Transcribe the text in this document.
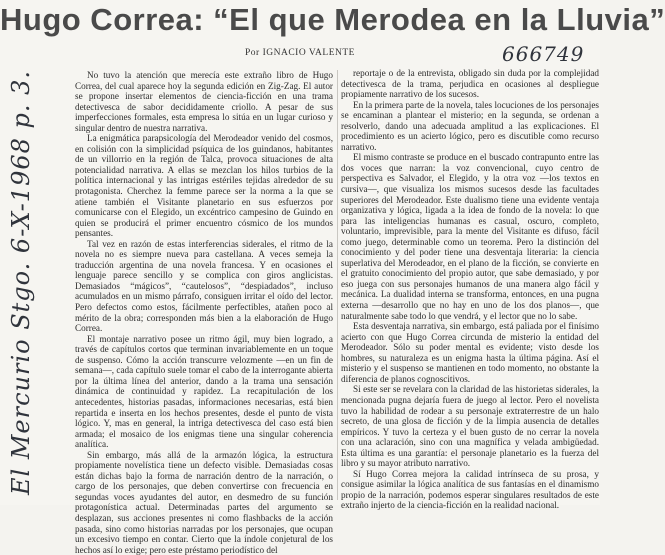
Hugo Correa: “El que Merodea en la Lluvia”
Por IGNACIO VALENTE

No tuvo la atención que merecía este extraño libro de Hugo Correa, del cual aparece hoy la segunda edición en Zig-Zag. El autor se propone insertar elementos de ciencia-ficción en una trama detectivesca de sabor decididamente criollo. A pesar de sus imperfecciones formales, esta empresa lo sitúa en un lugar curioso y singular dentro de nuestra narrativa.

La enigmática parapsicología del Merodeador venido del cosmos, en colisión con la simplicidad psíquica de los guindanos, habitantes de un villorrio en la región de Talca, provoca situaciones de alta potencialidad narrativa. A ellas se mezclan los hilos turbios de la política internacional y las intrigas estériles tejidas alrededor de su protagonista. Cherchez la femme parece ser la norma a la que se atiene también el Visitante planetario en sus esfuerzos por comunicarse con el Elegido, un excéntrico campesino de Guindo en quien se producirá el primer encuentro cósmico de los mundos pensantes.

Tal vez en razón de estas interferencias siderales, el ritmo de la novela no es siempre nueva para castellana. A veces semeja la traducción argentina de una novela francesa. Y en ocasiones el lenguaje parece sencillo y se complica con giros anglicistas. Demasiados “mágicos”, “cautelosos”, “despiadados”, incluso acumulados en un mismo párrafo, consiguen irritar el oído del lector. Pero defectos como estos, fácilmente perfectibles, atañen poco al mérito de la obra; corresponden más bien a la elaboración de Hugo Correa.

El montaje narrativo posee un ritmo ágil, muy bien logrado, a través de capítulos cortos que terminan invariablemente en un toque de suspenso. Cómo la acción transcurre velozmente —en un fin de semana—, cada capítulo suele tomar el cabo de la interrogante abierta por la última línea del anterior, dando a la trama una sensación dinámica de continuidad y rapidez. La recapitulación de los antecedentes, historias pasadas, informaciones necesarias, está bien repartida e inserta en los hechos presentes, desde el punto de vista lógico. Y, mas en general, la intriga detectivesca del caso está bien armada; el mosaico de los enigmas tiene una singular coherencia analítica.

Sin embargo, más allá de la armazón lógica, la estructura propiamente novelística tiene un defecto visible. Demasiadas cosas están dichas bajo la forma de narración dentro de la narración, o cargo de los personajes, que deben convertirse con frecuencia en segundas voces ayudantes del autor, en desmedro de su función protagonística actual. Determinadas partes del argumento se desplazan, sus acciones presentes ni como flashbacks de la acción pasada, sino como historias narradas por los personajes, que ocupan un excesivo tiempo en contar. Cierto que la índole conjetural de los hechos así lo exige; pero este préstamo periodístico del

reportaje o de la entrevista, obligado sin duda por la complejidad detectivesca de la trama, perjudica en ocasiones al despliegue propiamente narrativo de los sucesos.

En la primera parte de la novela, tales locuciones de los personajes se encaminan a plantear el misterio; en la segunda, se ordenan a resolverlo, dando una adecuada amplitud a las explicaciones. El procedimiento es un acierto lógico, pero es discutible como recurso narrativo.

El mismo contraste se produce en el buscado contrapunto entre las dos voces que narran: la voz convencional, cuyo centro de perspectiva es Salvador, el Elegido, y la otra voz —los textos en cursiva—, que visualiza los mismos sucesos desde las facultades superiores del Merodeador. Este dualismo tiene una evidente ventaja organizativa y lógica, ligada a la idea de fondo de la novela: lo que para las inteligencias humanas es casual, oscuro, completo, voluntario, imprevisible, para la mente del Visitante es difuso, fácil como juego, determinable como un teorema. Pero la distinción del conocimiento y del poder tiene una desventaja literaria: la ciencia superlativa del Merodeador, en el plano de la ficción, se convierte en el gratuito conocimiento del propio autor, que sabe demasiado, y por eso juega con sus personajes humanos de una manera algo fácil y mecánica. La dualidad interna se transforma, entonces, en una pugna externa —desarrollo que no hay en uno de los dos planos—, que naturalmente sabe todo lo que vendrá, y el lector que no lo sabe.

Esta desventaja narrativa, sin embargo, está paliada por el finísimo acierto con que Hugo Correa circunda de misterio la entidad del Merodeador. Sólo su poder mental es evidente; visto desde los hombres, su naturaleza es un enigma hasta la última página. Así el misterio y el suspenso se mantienen en todo momento, no obstante la diferencia de planos cognoscitivos.

Si este ser se revelara con la claridad de las historietas siderales, la mencionada pugna dejaría fuera de juego al lector. Pero el novelista tuvo la habilidad de rodear a su personaje extraterrestre de un halo secreto, de una glosa de ficción y de la limpia ausencia de detalles empíricos. Y tuvo la certeza y el buen gusto de no cerrar la novela con una aclaración, sino con una magnífica y velada ambigüedad. Esta última es una garantía: el personaje planetario es la fuerza del libro y su mayor atributo narrativo.

Sí Hugo Correa mejora la calidad intrínseca de su prosa, y consigue asimilar la lógica analítica de sus fantasías en el dinamismo propio de la narración, podemos esperar singulares resultados de este extraño injerto de la ciencia-ficción en la realidad nacional.

El Mercurio Stgo. 6-X-1968 p. 3.
666749
